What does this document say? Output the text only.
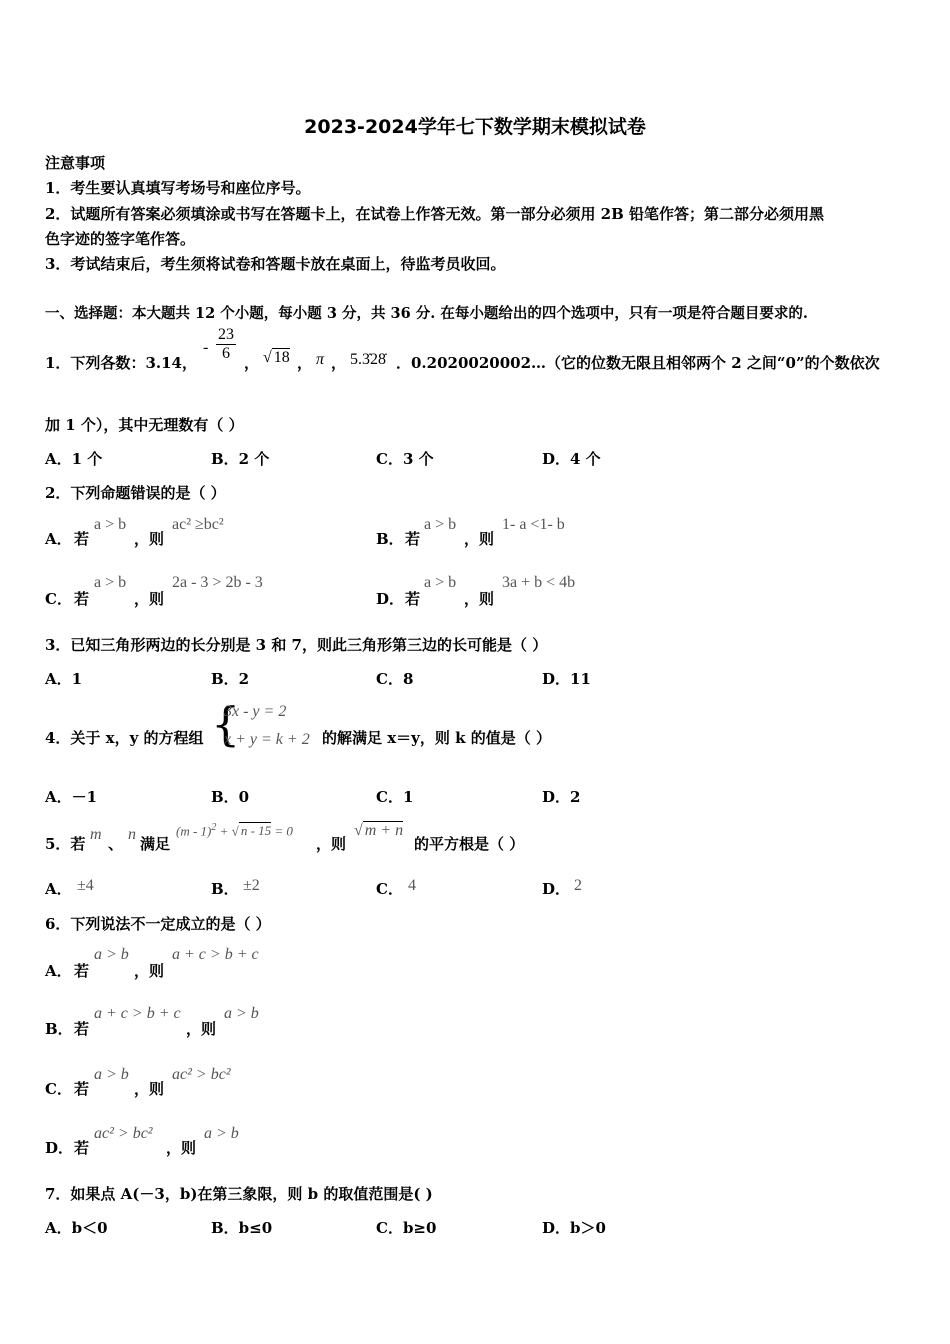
2023-2024学年七下数学期末模拟试卷
注意事项
1．考生要认真填写考场号和座位序号。
2．试题所有答案必须填涂或书写在答题卡上，在试卷上作答无效。第一部分必须用 2B 铅笔作答；第二部分必须用黑
色字迹的签字笔作答。
3．考试结束后，考生须将试卷和答题卡放在桌面上，待监考员收回。
一、选择题：本大题共 12 个小题，每小题 3 分，共 36 分. 在每小题给出的四个选项中，只有一项是符合题目要求的.
1．下列各数：3.14，
- $\frac{23}{6}$ ， √ 18 ， π ， 5.3̇28̇ ．0.2020020002…（它的位数无限且相邻两个 2 之间“0”的个数依次
加 1 个），其中无理数有（ ）
A．1 个	B．2 个	C．3 个	D．4 个
2．下列命题错误的是（ ）
A． 若
a > b
，则
ac² ≥bc²
B． 若
a > b
，则
1- a <1- b
C． 若
a > b
，则
2a - 3 > 2b - 3
D． 若
a > b
，则
3a + b < 4b
3．已知三角形两边的长分别是 3 和 7，则此三角形第三边的长可能是（ ）
A．1	B．2	C．8	D．11
4．关于 x，y 的方程组 {
3x - y = 2
x + y = k + 2 的解满足 x＝y，则 k 的值是（ ）
A．－1	B．0	C．1	D．2
5．若
m
、
n
满足
(m - 1)$^2$ + √ n - 15 = 0
，则
√ m + n
的平方根是（ ）
A． ±4	B． ±2	C． 4	D． 2
6．下列说法不一定成立的是（ ）
A． 若
a > b
，则
a + c > b + c
B． 若
a + c > b + c
，则
a > b
C． 若
a > b
，则
ac² > bc²
D． 若
ac² > bc²
，则
a > b
7．如果点 A(－3，b)在第三象限，则 b 的取值范围是( )
A．b＜0	B．b≤0	C．b≥0	D．b＞0
